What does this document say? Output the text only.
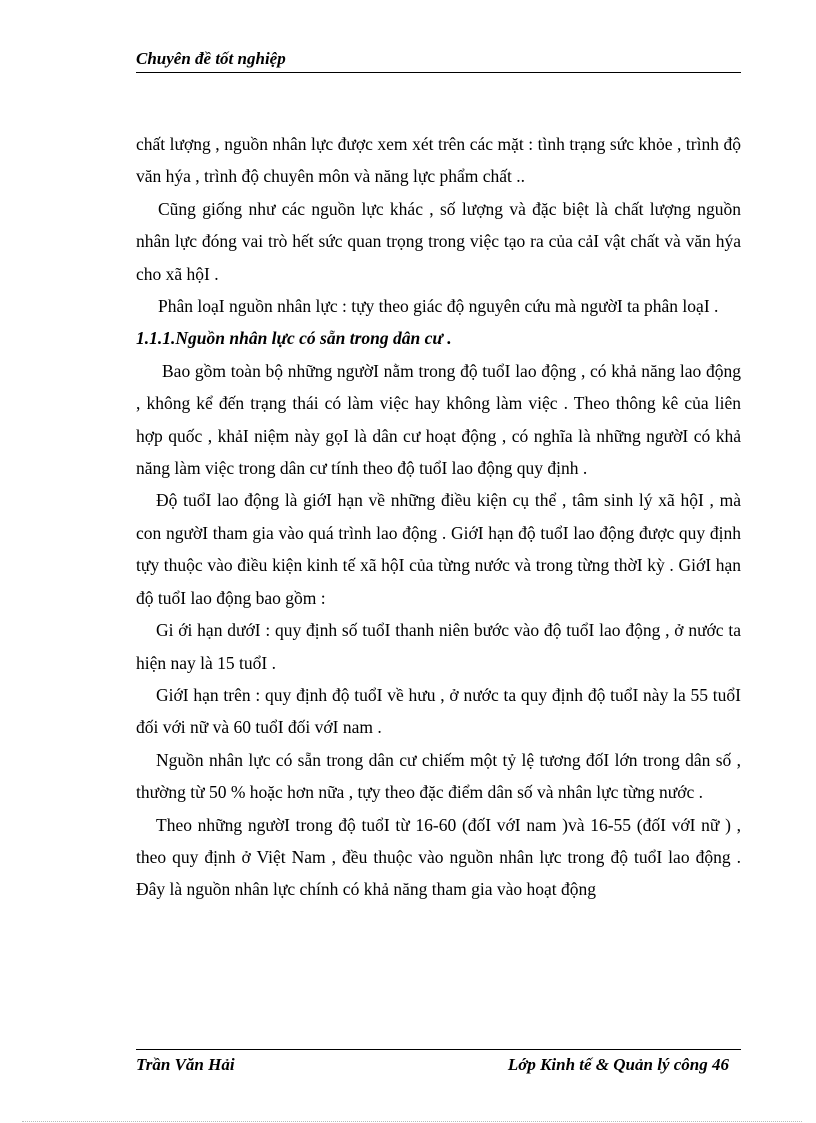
Chuyên đề tốt nghiệp

chất lượng , nguồn nhân lực được xem xét trên các mặt : tình trạng sức khỏe , trình độ văn hýa , trình độ chuyên môn và năng lực phẩm chất ..

Cũng giống như các nguồn lực khác , số lượng và đặc biệt là chất lượng nguồn nhân lực đóng vai trò hết sức quan trọng trong việc tạo ra của cảI vật chất và văn hýa cho xã hộI .

Phân loạI nguồn nhân lực : tựy theo giác độ nguyên cứu mà ngườI ta phân loạI .

1.1.1.Nguồn nhân lực có sẵn trong dân cư .

Bao gồm toàn bộ những ngườI nằm trong độ tuổI lao động , có khả năng lao động , không kể đến trạng thái có làm việc hay không làm việc . Theo thông kê của liên hợp quốc , khảI niệm này gọI là dân cư hoạt động , có nghĩa là những ngườI có khả năng làm việc trong dân cư tính theo độ tuổI lao động quy định .

Độ tuổI lao động là giớI hạn về những điều kiện cụ thể , tâm sinh lý xã hộI , mà con ngườI tham gia vào quá trình lao động . GiớI hạn độ tuổI lao động được quy định tựy thuộc vào điều kiện kinh tế xã hộI của từng nước và trong từng thờI kỳ . GiớI hạn độ tuổI lao động bao gồm :

Gi ới hạn dướI : quy định số tuổI thanh niên bước vào độ tuổI lao động , ở nước ta hiện nay là 15 tuổI .

GiớI hạn trên : quy định độ tuổI về hưu , ở nước ta quy định độ tuổI này la 55 tuổI đối với nữ và 60 tuổI đối vớI nam .

Nguồn nhân lực có sẵn trong dân cư chiếm một tỷ lệ tương đốI lớn trong dân số , thường từ 50 % hoặc hơn nữa , tựy theo đặc điểm dân số và nhân lực từng nước .

Theo những ngườI trong độ tuổI từ 16-60 (đốI vớI nam )và 16-55 (đốI vớI nữ ) , theo quy định ở Việt Nam , đều thuộc vào nguồn nhân lực trong độ tuổI lao động . Đây là nguồn nhân lực chính có khả năng tham gia vào hoạt động

Trần Văn Hải	Lớp Kinh tế & Quản lý công 46
